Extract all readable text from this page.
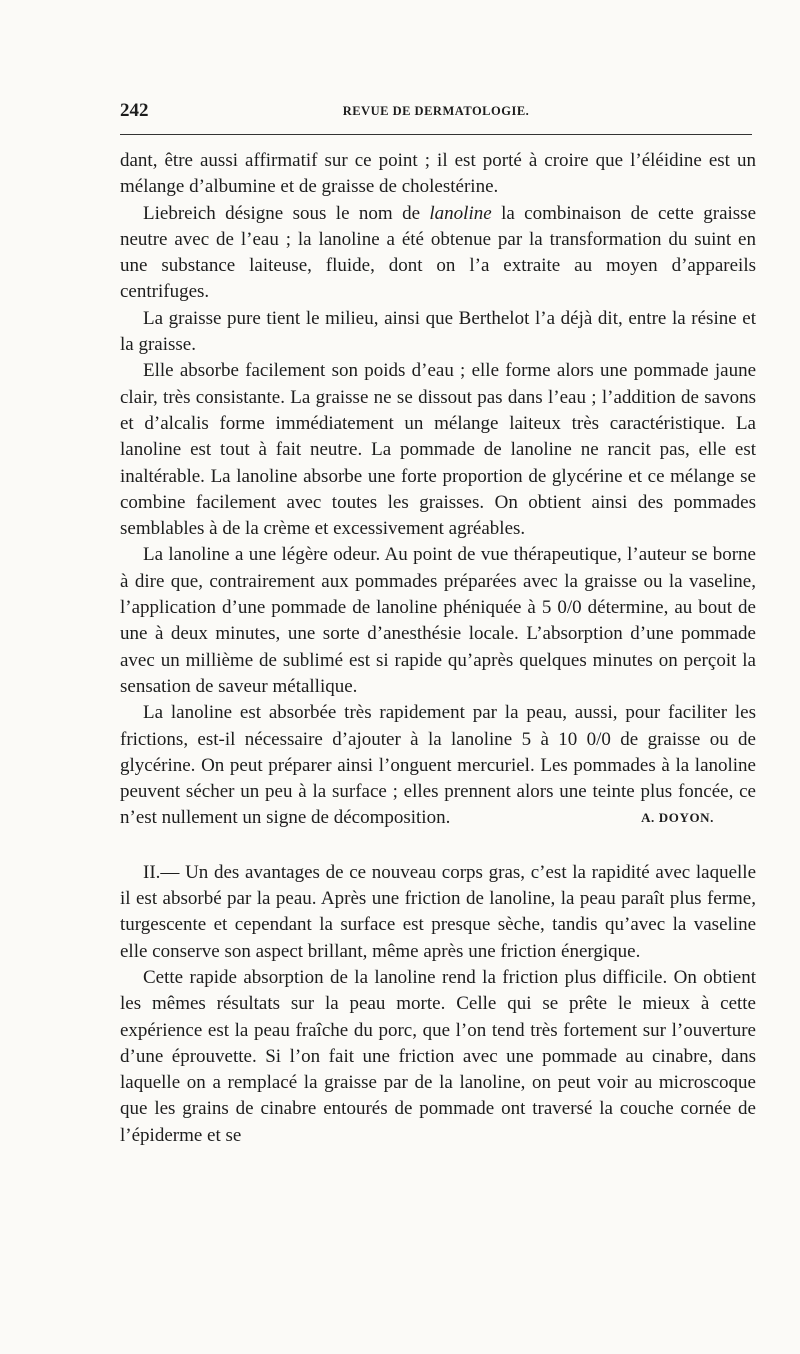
242	REVUE DE DERMATOLOGIE.

dant, être aussi affirmatif sur ce point ; il est porté à croire que l’éléidine est un mélange d’albumine et de graisse de cholestérine.

Liebreich désigne sous le nom de lanoline la combinaison de cette graisse neutre avec de l’eau ; la lanoline a été obtenue par la transformation du suint en une substance laiteuse, fluide, dont on l’a extraite au moyen d’appareils centrifuges.

La graisse pure tient le milieu, ainsi que Berthelot l’a déjà dit, entre la résine et la graisse.

Elle absorbe facilement son poids d’eau ; elle forme alors une pommade jaune clair, très consistante. La graisse ne se dissout pas dans l’eau ; l’addition de savons et d’alcalis forme immédiatement un mélange laiteux très caractéristique. La lanoline est tout à fait neutre. La pommade de lanoline ne rancit pas, elle est inaltérable. La lanoline absorbe une forte proportion de glycérine et ce mélange se combine facilement avec toutes les graisses. On obtient ainsi des pommades semblables à de la crème et excessivement agréables.

La lanoline a une légère odeur. Au point de vue thérapeutique, l’auteur se borne à dire que, contrairement aux pommades préparées avec la graisse ou la vaseline, l’application d’une pommade de lanoline phéniquée à 5 0/0 détermine, au bout de une à deux minutes, une sorte d’anesthésie locale. L’absorption d’une pommade avec un millième de sublimé est si rapide qu’après quelques minutes on perçoit la sensation de saveur métallique.

La lanoline est absorbée très rapidement par la peau, aussi, pour faciliter les frictions, est-il nécessaire d’ajouter à la lanoline 5 à 10 0/0 de graisse ou de glycérine. On peut préparer ainsi l’onguent mercuriel. Les pommades à la lanoline peuvent sécher un peu à la surface ; elles prennent alors une teinte plus foncée, ce n’est nullement un signe de décomposition.	A. DOYON.

II.— Un des avantages de ce nouveau corps gras, c’est la rapidité avec laquelle il est absorbé par la peau. Après une friction de lanoline, la peau paraît plus ferme, turgescente et cependant la surface est presque sèche, tandis qu’avec la vaseline elle conserve son aspect brillant, même après une friction énergique.

Cette rapide absorption de la lanoline rend la friction plus difficile. On obtient les mêmes résultats sur la peau morte. Celle qui se prête le mieux à cette expérience est la peau fraîche du porc, que l’on tend très fortement sur l’ouverture d’une éprouvette. Si l’on fait une friction avec une pommade au cinabre, dans laquelle on a remplacé la graisse par de la lanoline, on peut voir au microscoque que les grains de cinabre entourés de pommade ont traversé la couche cornée de l’épiderme et se
